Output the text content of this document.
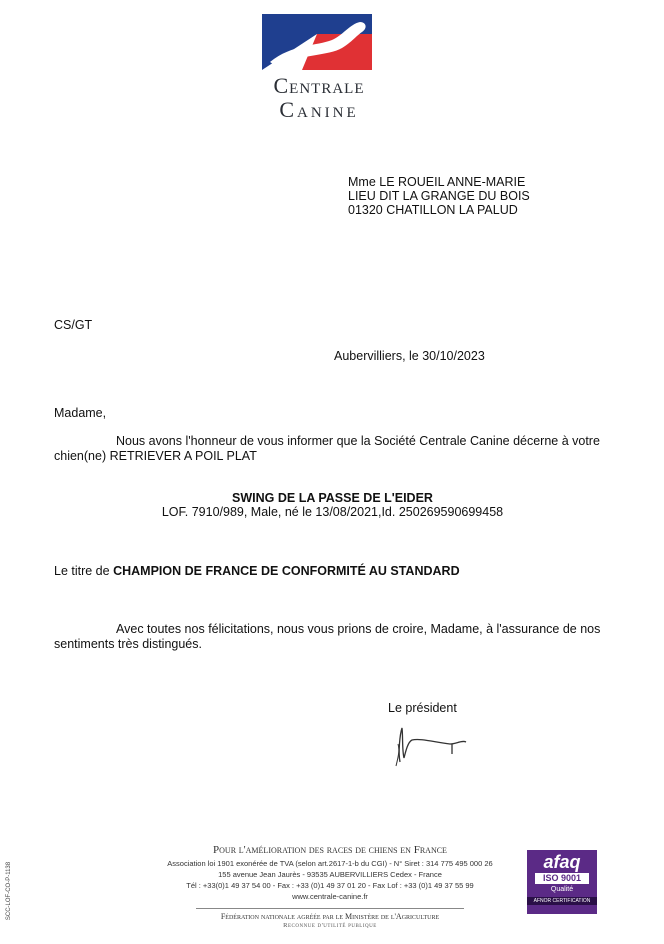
Centrale
Canine
Mme LE ROUEIL ANNE-MARIE
LIEU DIT LA GRANGE DU BOIS
01320 CHATILLON LA PALUD
CS/GT
Aubervilliers, le 30/10/2023
Madame,
Nous avons l'honneur de vous informer que la Société Centrale Canine décerne à votre
chien(ne) RETRIEVER A POIL PLAT
SWING DE LA PASSE DE L'EIDER
LOF. 7910/989, Male, né le 13/08/2021,Id. 250269590699458
Le titre de CHAMPION DE FRANCE DE CONFORMITÉ AU STANDARD
Avec toutes nos félicitations, nous vous prions de croire, Madame, à l'assurance de nos
sentiments très distingués.
Le président
Pour l'amélioration des races de chiens en France
Association loi 1901 exonérée de TVA (selon art.2617-1-b du CGI) - N° Siret : 314 775 495 000 26
155 avenue Jean Jaurès - 93535 AUBERVILLIERS Cedex - France
Tél : +33(0)1 49 37 54 00 - Fax : +33 (0)1 49 37 01 20 - Fax Lof : +33 (0)1 49 37 55 99
www.centrale-canine.fr
Fédération nationale agréée par le Ministère de l'Agriculture
Reconnue d'utilité publique
SCC-LOF-CO-P-1138	afaq
ISO 9001
Qualité
AFNOR CERTIFICATION
